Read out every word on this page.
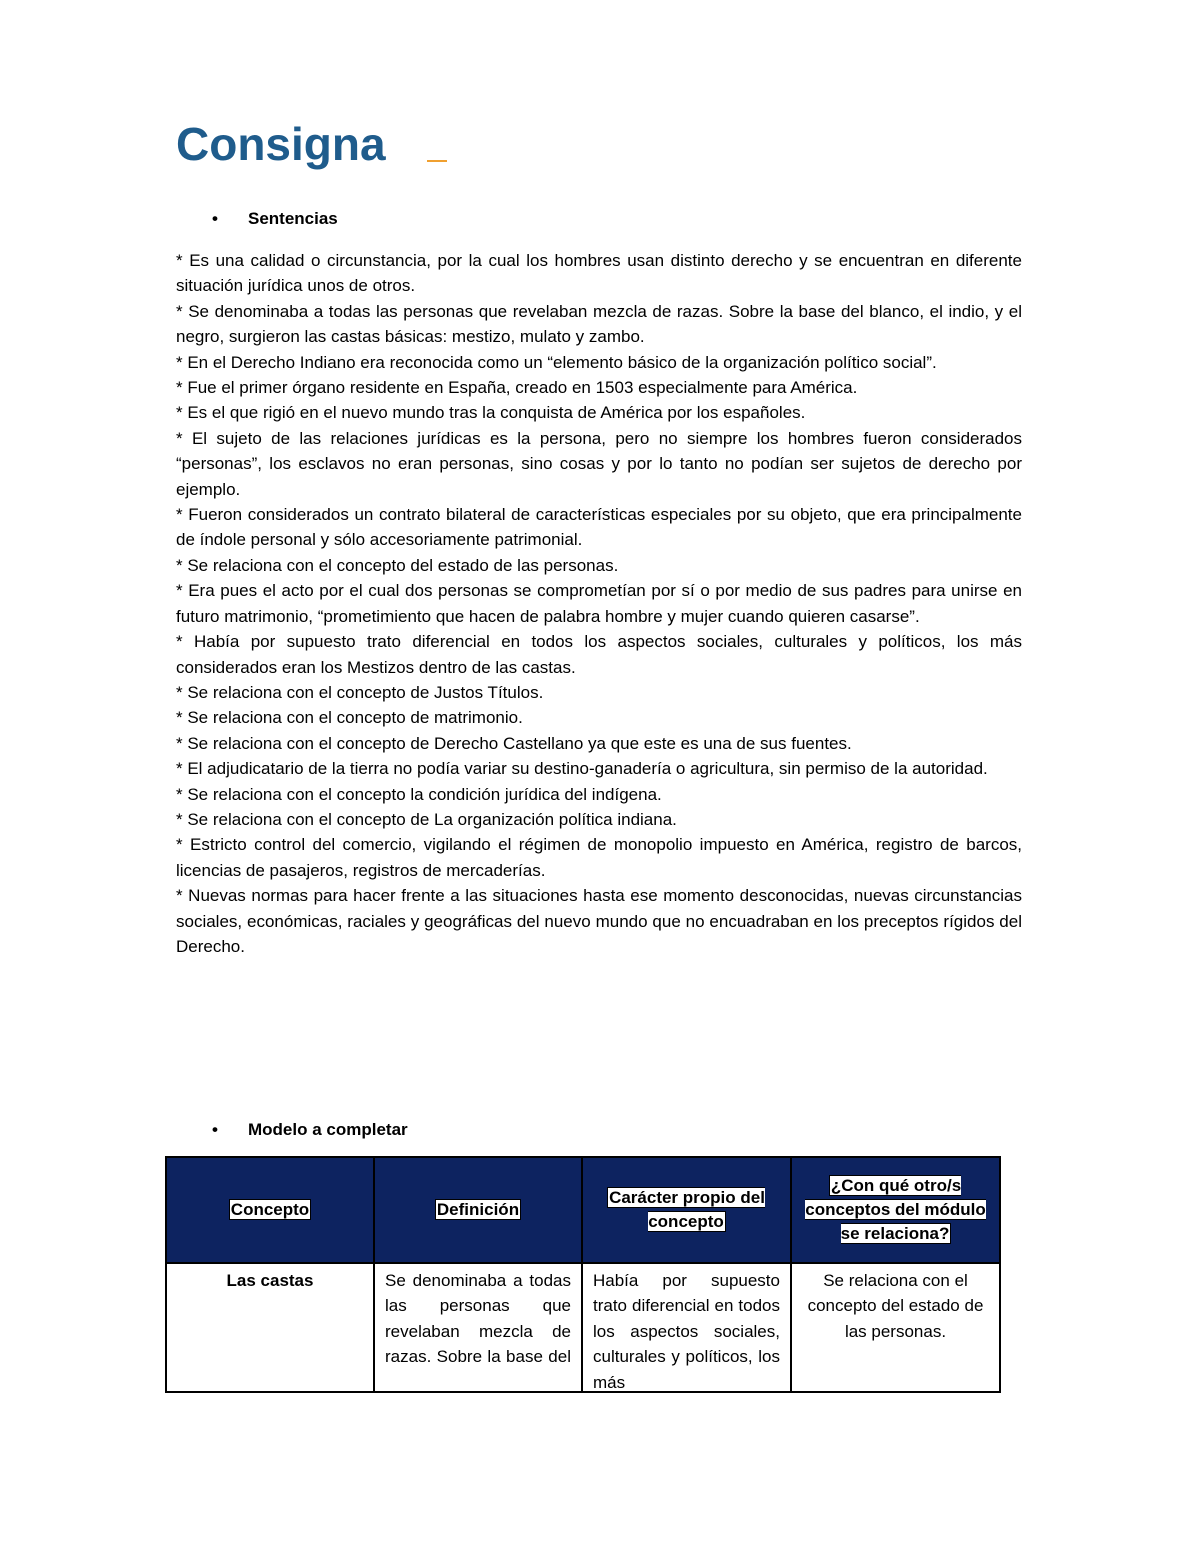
Consigna
•	Sentencias

* Es una calidad o circunstancia, por la cual los hombres usan distinto derecho y se encuentran en diferente situación jurídica unos de otros.

* Se denominaba a todas las personas que revelaban mezcla de razas. Sobre la base del blanco, el indio, y el negro, surgieron las castas básicas: mestizo, mulato y zambo.

* En el Derecho Indiano era reconocida como un “elemento básico de la organización político social”.

* Fue el primer órgano residente en España, creado en 1503 especialmente para América.

* Es el que rigió en el nuevo mundo tras la conquista de América por los españoles.

* El sujeto de las relaciones jurídicas es la persona, pero no siempre los hombres fueron considerados “personas”, los esclavos no eran personas, sino cosas y por lo tanto no podían ser sujetos de derecho por ejemplo.

* Fueron considerados un contrato bilateral de características especiales por su objeto, que era principalmente de índole personal y sólo accesoriamente patrimonial.

* Se relaciona con el concepto del estado de las personas.

* Era pues el acto por el cual dos personas se comprometían por sí o por medio de sus padres para unirse en futuro matrimonio, “prometimiento que hacen de palabra hombre y mujer cuando quieren casarse”.

* Había por supuesto trato diferencial en todos los aspectos sociales, culturales y políticos, los más considerados eran los Mestizos dentro de las castas.

* Se relaciona con el concepto de Justos Títulos.

* Se relaciona con el concepto de matrimonio.

* Se relaciona con el concepto de Derecho Castellano ya que este es una de sus fuentes.

* El adjudicatario de la tierra no podía variar su destino-ganadería o agricultura, sin permiso de la autoridad.

* Se relaciona con el concepto la condición jurídica del indígena.

* Se relaciona con el concepto de La organización política indiana.

* Estricto control del comercio, vigilando el régimen de monopolio impuesto en América, registro de barcos, licencias de pasajeros, registros de mercaderías.

* Nuevas normas para hacer frente a las situaciones hasta ese momento desconocidas, nuevas circunstancias sociales, económicas, raciales y geográficas del nuevo mundo que no encuadraban en los preceptos rígidos del Derecho.

•	Modelo a completar
Concepto	Definición	Carácter propio del concepto	¿Con qué otro/s conceptos del módulo se relaciona?

Las castas	Se denominaba a todas las personas que revelaban mezcla de razas. Sobre la base del	Había por supuesto trato diferencial en todos los aspectos sociales, culturales y políticos, los más	Se relaciona con el concepto del estado de las personas.
